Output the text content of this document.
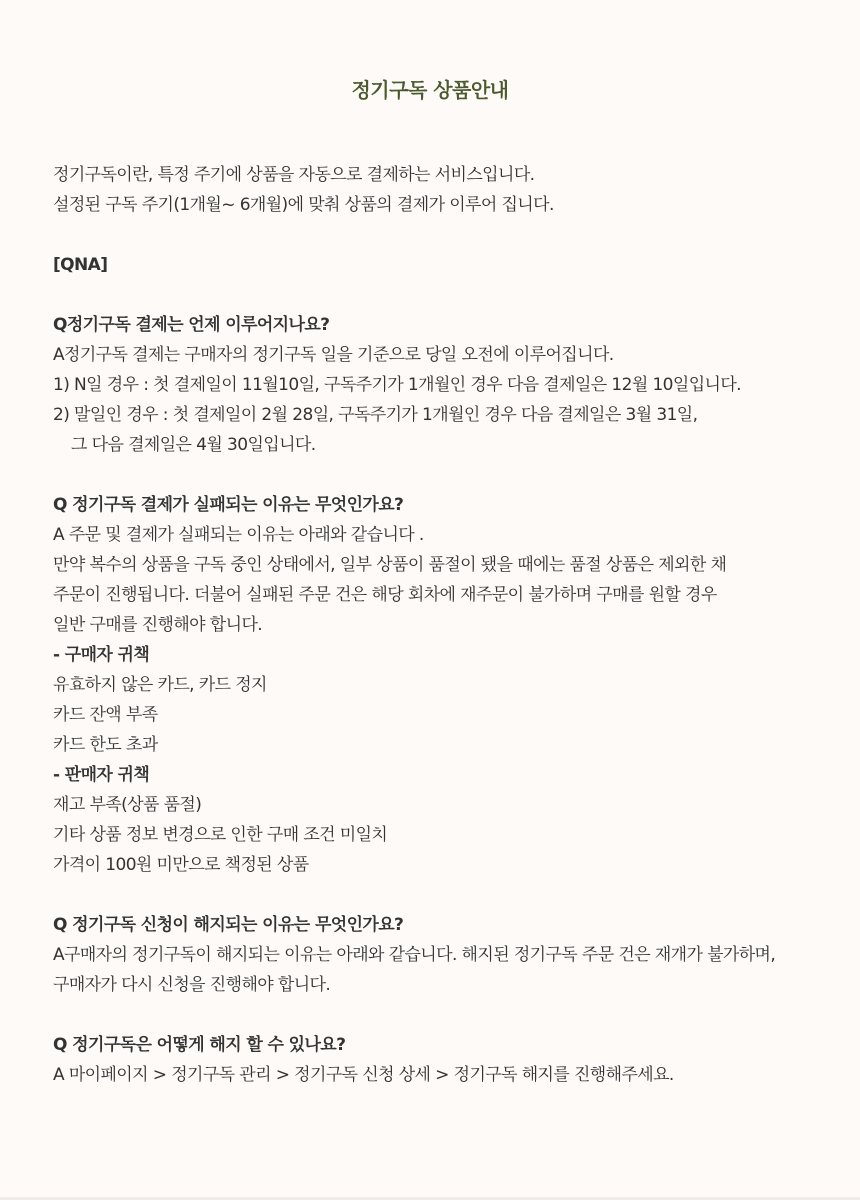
정기구독 상품안내
정기구독이란, 특정 주기에 상품을 자동으로 결제하는 서비스입니다.
설정된 구독 주기(1개월~ 6개월)에 맞춰 상품의 결제가 이루어 집니다.
[QNA]
Q정기구독 결제는 언제 이루어지나요?
A정기구독 결제는 구매자의 정기구독 일을 기준으로 당일 오전에 이루어집니다.
1) N일 경우 : 첫 결제일이 11월10일, 구독주기가 1개월인 경우 다음 결제일은 12월 10일입니다.
2) 말일인 경우 : 첫 결제일이 2월 28일, 구독주기가 1개월인 경우 다음 결제일은 3월 31일,
그 다음 결제일은 4월 30일입니다.
Q 정기구독 결제가 실패되는 이유는 무엇인가요?
A 주문 및 결제가 실패되는 이유는 아래와 같습니다 .
만약 복수의 상품을 구독 중인 상태에서, 일부 상품이 품절이 됐을 때에는 품절 상품은 제외한 채
주문이 진행됩니다. 더불어 실패된 주문 건은 해당 회차에 재주문이 불가하며 구매를 원할 경우
일반 구매를 진행해야 합니다.
- 구매자 귀책
유효하지 않은 카드, 카드 정지
카드 잔액 부족
카드 한도 초과
- 판매자 귀책
재고 부족(상품 품절)
기타 상품 정보 변경으로 인한 구매 조건 미일치
가격이 100원 미만으로 책정된 상품
Q 정기구독 신청이 해지되는 이유는 무엇인가요?
A구매자의 정기구독이 해지되는 이유는 아래와 같습니다. 해지된 정기구독 주문 건은 재개가 불가하며,
구매자가 다시 신청을 진행해야 합니다.
Q 정기구독은 어떻게 해지 할 수 있나요?
A 마이페이지 > 정기구독 관리 > 정기구독 신청 상세 > 정기구독 해지를 진행해주세요.
